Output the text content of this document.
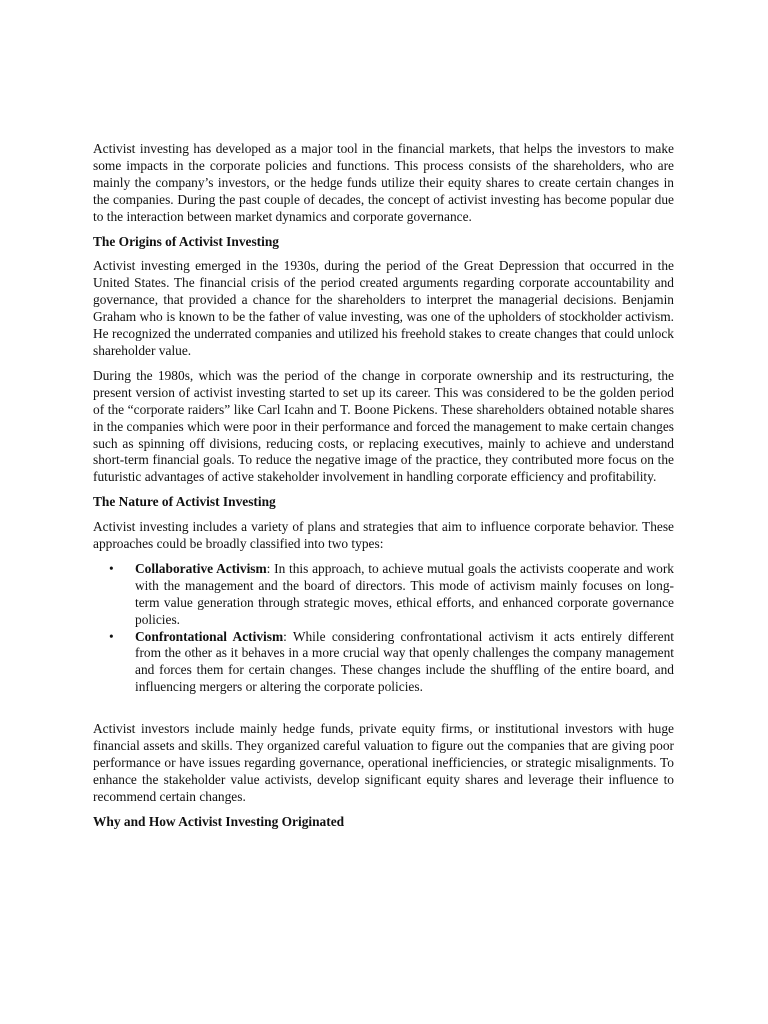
Activist investing has developed as a major tool in the financial markets, that helps the investors to make some impacts in the corporate policies and functions. This process consists of the shareholders, who are mainly the company’s investors, or the hedge funds utilize their equity shares to create certain changes in the companies. During the past couple of decades, the concept of activist investing has become popular due to the interaction between market dynamics and corporate governance.

The Origins of Activist Investing

Activist investing emerged in the 1930s, during the period of the Great Depression that occurred in the United States. The financial crisis of the period created arguments regarding corporate accountability and governance, that provided a chance for the shareholders to interpret the managerial decisions. Benjamin Graham who is known to be the father of value investing, was one of the upholders of stockholder activism. He recognized the underrated companies and utilized his freehold stakes to create changes that could unlock shareholder value.

During the 1980s, which was the period of the change in corporate ownership and its restructuring, the present version of activist investing started to set up its career. This was considered to be the golden period of the “corporate raiders” like Carl Icahn and T. Boone Pickens. These shareholders obtained notable shares in the companies which were poor in their performance and forced the management to make certain changes such as spinning off divisions, reducing costs, or replacing executives, mainly to achieve and understand short-term financial goals. To reduce the negative image of the practice, they contributed more focus on the futuristic advantages of active stakeholder involvement in handling corporate efficiency and profitability.

The Nature of Activist Investing

Activist investing includes a variety of plans and strategies that aim to influence corporate behavior. These approaches could be broadly classified into two types:

• Collaborative Activism: In this approach, to achieve mutual goals the activists cooperate and work with the management and the board of directors. This mode of activism mainly focuses on long-term value generation through strategic moves, ethical efforts, and enhanced corporate governance policies.
• Confrontational Activism: While considering confrontational activism it acts entirely different from the other as it behaves in a more crucial way that openly challenges the company management and forces them for certain changes. These changes include the shuffling of the entire board, and influencing mergers or altering the corporate policies.

Activist investors include mainly hedge funds, private equity firms, or institutional investors with huge financial assets and skills. They organized careful valuation to figure out the companies that are giving poor performance or have issues regarding governance, operational inefficiencies, or strategic misalignments. To enhance the stakeholder value activists, develop significant equity shares and leverage their influence to recommend certain changes.

Why and How Activist Investing Originated
